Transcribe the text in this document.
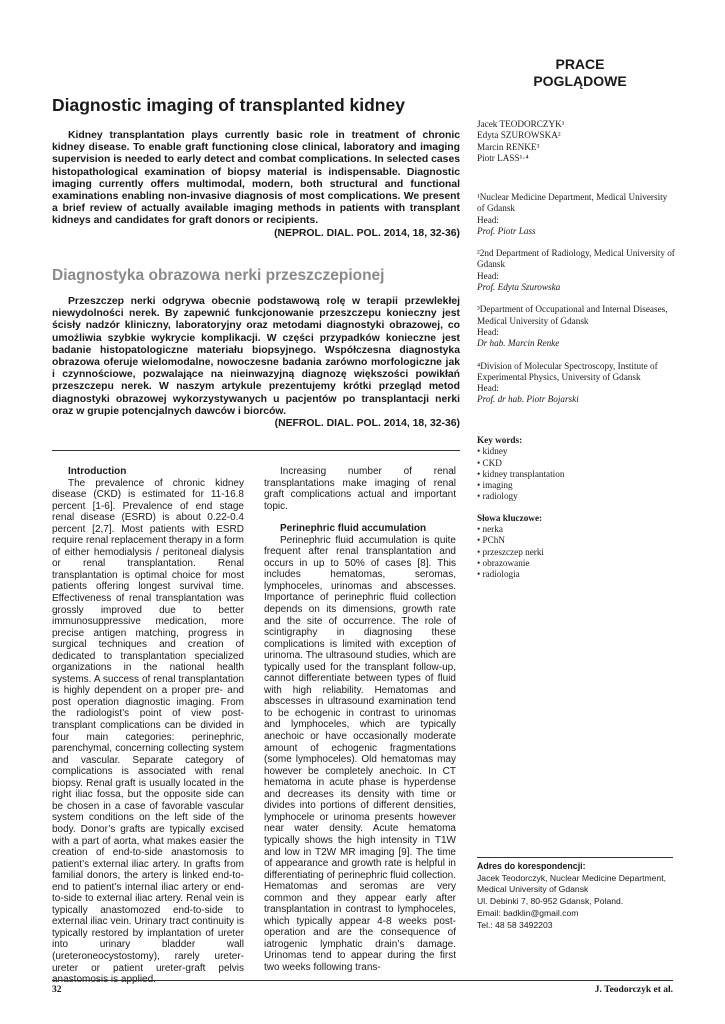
PRACE
POGLĄDOWE
Diagnostic imaging of transplanted kidney
Kidney transplantation plays currently basic role in treatment of chronic kidney disease. To enable graft functioning close clinical, laboratory and imaging supervision is needed to early detect and combat complications. In selected cases histopathological examination of biopsy material is indispensable. Diagnostic imaging currently offers multimodal, modern, both structural and functional examinations enabling non-invasive diagnosis of most complications. We present a brief review of actually available imaging methods in patients with transplant kidneys and candidates for graft donors or recipients.
(NEPROL. DIAL. POL. 2014, 18, 32-36)
Diagnostyka obrazowa nerki przeszczepionej
Przeszczep nerki odgrywa obecnie podstawową rolę w terapii przewlekłej niewydolności nerek. By zapewnić funkcjonowanie przeszczepu konieczny jest ścisły nadzór kliniczny, laboratoryjny oraz metodami diagnostyki obrazowej, co umożliwia szybkie wykrycie komplikacji. W części przypadków konieczne jest badanie histopatologiczne materiału biopsyjnego. Współczesna diagnostyka obrazowa oferuje wielomodalne, nowoczesne badania zarówno morfologiczne jak i czynnościowe, pozwalające na nieinwazyjną diagnozę większości powikłań przeszczepu nerek. W naszym artykule prezentujemy krótki przegląd metod diagnostyki obrazowej wykorzystywanych u pacjentów po transplantacji nerki oraz w grupie potencjalnych dawców i biorców.
(NEFROL. DIAL. POL. 2014, 18, 32-36)
Introduction

The prevalence of chronic kidney disease (CKD) is estimated for 11-16.8 percent [1-6]. Prevalence of end stage renal disease (ESRD) is about 0.22-0.4 percent [2,7]. Most patients with ESRD require renal replacement therapy in a form of either hemodialysis / peritoneal dialysis or renal transplantation. Renal transplantation is optimal choice for most patients offering longest survival time. Effectiveness of renal transplantation was grossly improved due to better immunosuppressive medication, more precise antigen matching, progress in surgical techniques and creation of dedicated to transplantation specialized organizations in the national health systems. A success of renal transplantation is highly dependent on a proper pre- and post operation diagnostic imaging. From the radiologist’s point of view post-transplant complications can be divided in four main categories: perinephric, parenchymal, concerning collecting system and vascular. Separate category of complications is associated with renal biopsy. Renal graft is usually located in the right iliac fossa, but the opposite side can be chosen in a case of favorable vascular system conditions on the left side of the body. Donor’s grafts are typically excised with a part of aorta, what makes easier the creation of end-to-side anastomosis to patient’s external iliac artery. In grafts from familial donors, the artery is linked end-to-end to patient’s internal iliac artery or end-to-side to external iliac artery. Renal vein is typically anastomozed end-to-side to external iliac vein. Urinary tract continuity is typically restored by implantation of ureter into urinary bladder wall (ureteroneocystostomy), rarely ureter-ureter or patient ureter-graft pelvis anastomosis is applied.

Increasing number of renal transplantations make imaging of renal graft complications actual and important topic.

Perinephric fluid accumulation

Perinephric fluid accumulation is quite frequent after renal transplantation and occurs in up to 50% of cases [8]. This includes hematomas, seromas, lymphoceles, urinomas and abscesses. Importance of perinephric fluid collection depends on its dimensions, growth rate and the site of occurrence. The role of scintigraphy in diagnosing these complications is limited with exception of urinoma. The ultrasound studies, which are typically used for the transplant follow-up, cannot differentiate between types of fluid with high reliability. Hematomas and abscesses in ultrasound examination tend to be echogenic in contrast to urinomas and lymphoceles, which are typically anechoic or have occasionally moderate amount of echogenic fragmentations (some lymphoceles). Old hematomas may however be completely anechoic. In CT hematoma in acute phase is hyperdense and decreases its density with time or divides into portions of different densities, lymphocele or urinoma presents however near water density. Acute hematoma typically shows the high intensity in T1W and low in T2W MR imaging [9]. The time of appearance and growth rate is helpful in differentiating of perinephric fluid collection. Hematomas and seromas are very common and they appear early after transplantation in contrast to lymphoceles, which typically appear 4-8 weeks post-operation and are the consequence of iatrogenic lymphatic drain’s damage. Urinomas tend to appear during the first two weeks following trans-

Jacek TEODORCZYK¹
Edyta SZUROWSKA²
Marcin RENKE³
Piotr LASS¹·⁴
¹Nuclear Medicine Department, Medical University of Gdansk
Head:
Prof. Piotr Lass
²2nd Department of Radiology, Medical University of Gdansk
Head:
Prof. Edyta Szurowska
³Department of Occupational and Internal Diseases, Medical University of Gdansk
Head:
Dr hab. Marcin Renke
⁴Division of Molecular Spectroscopy, Institute of Experimental Physics, University of Gdansk
Head:
Prof. dr hab. Piotr Bojarski
Key words:
• kidney
• CKD
• kidney transplantation
• imaging
• radiology
Słowa kluczowe:
• nerka
• PChN
• przeszczep nerki
• obrazowanie
• radiologia
Adres do korespondencji:
Jacek Teodorczyk, Nuclear Medicine Department,
Medical University of Gdansk
Ul. Debinki 7, 80-952 Gdansk, Poland.
Email: badklin@gmail.com
Tel.: 48 58 3492203
32	J. Teodorczyk et al.
